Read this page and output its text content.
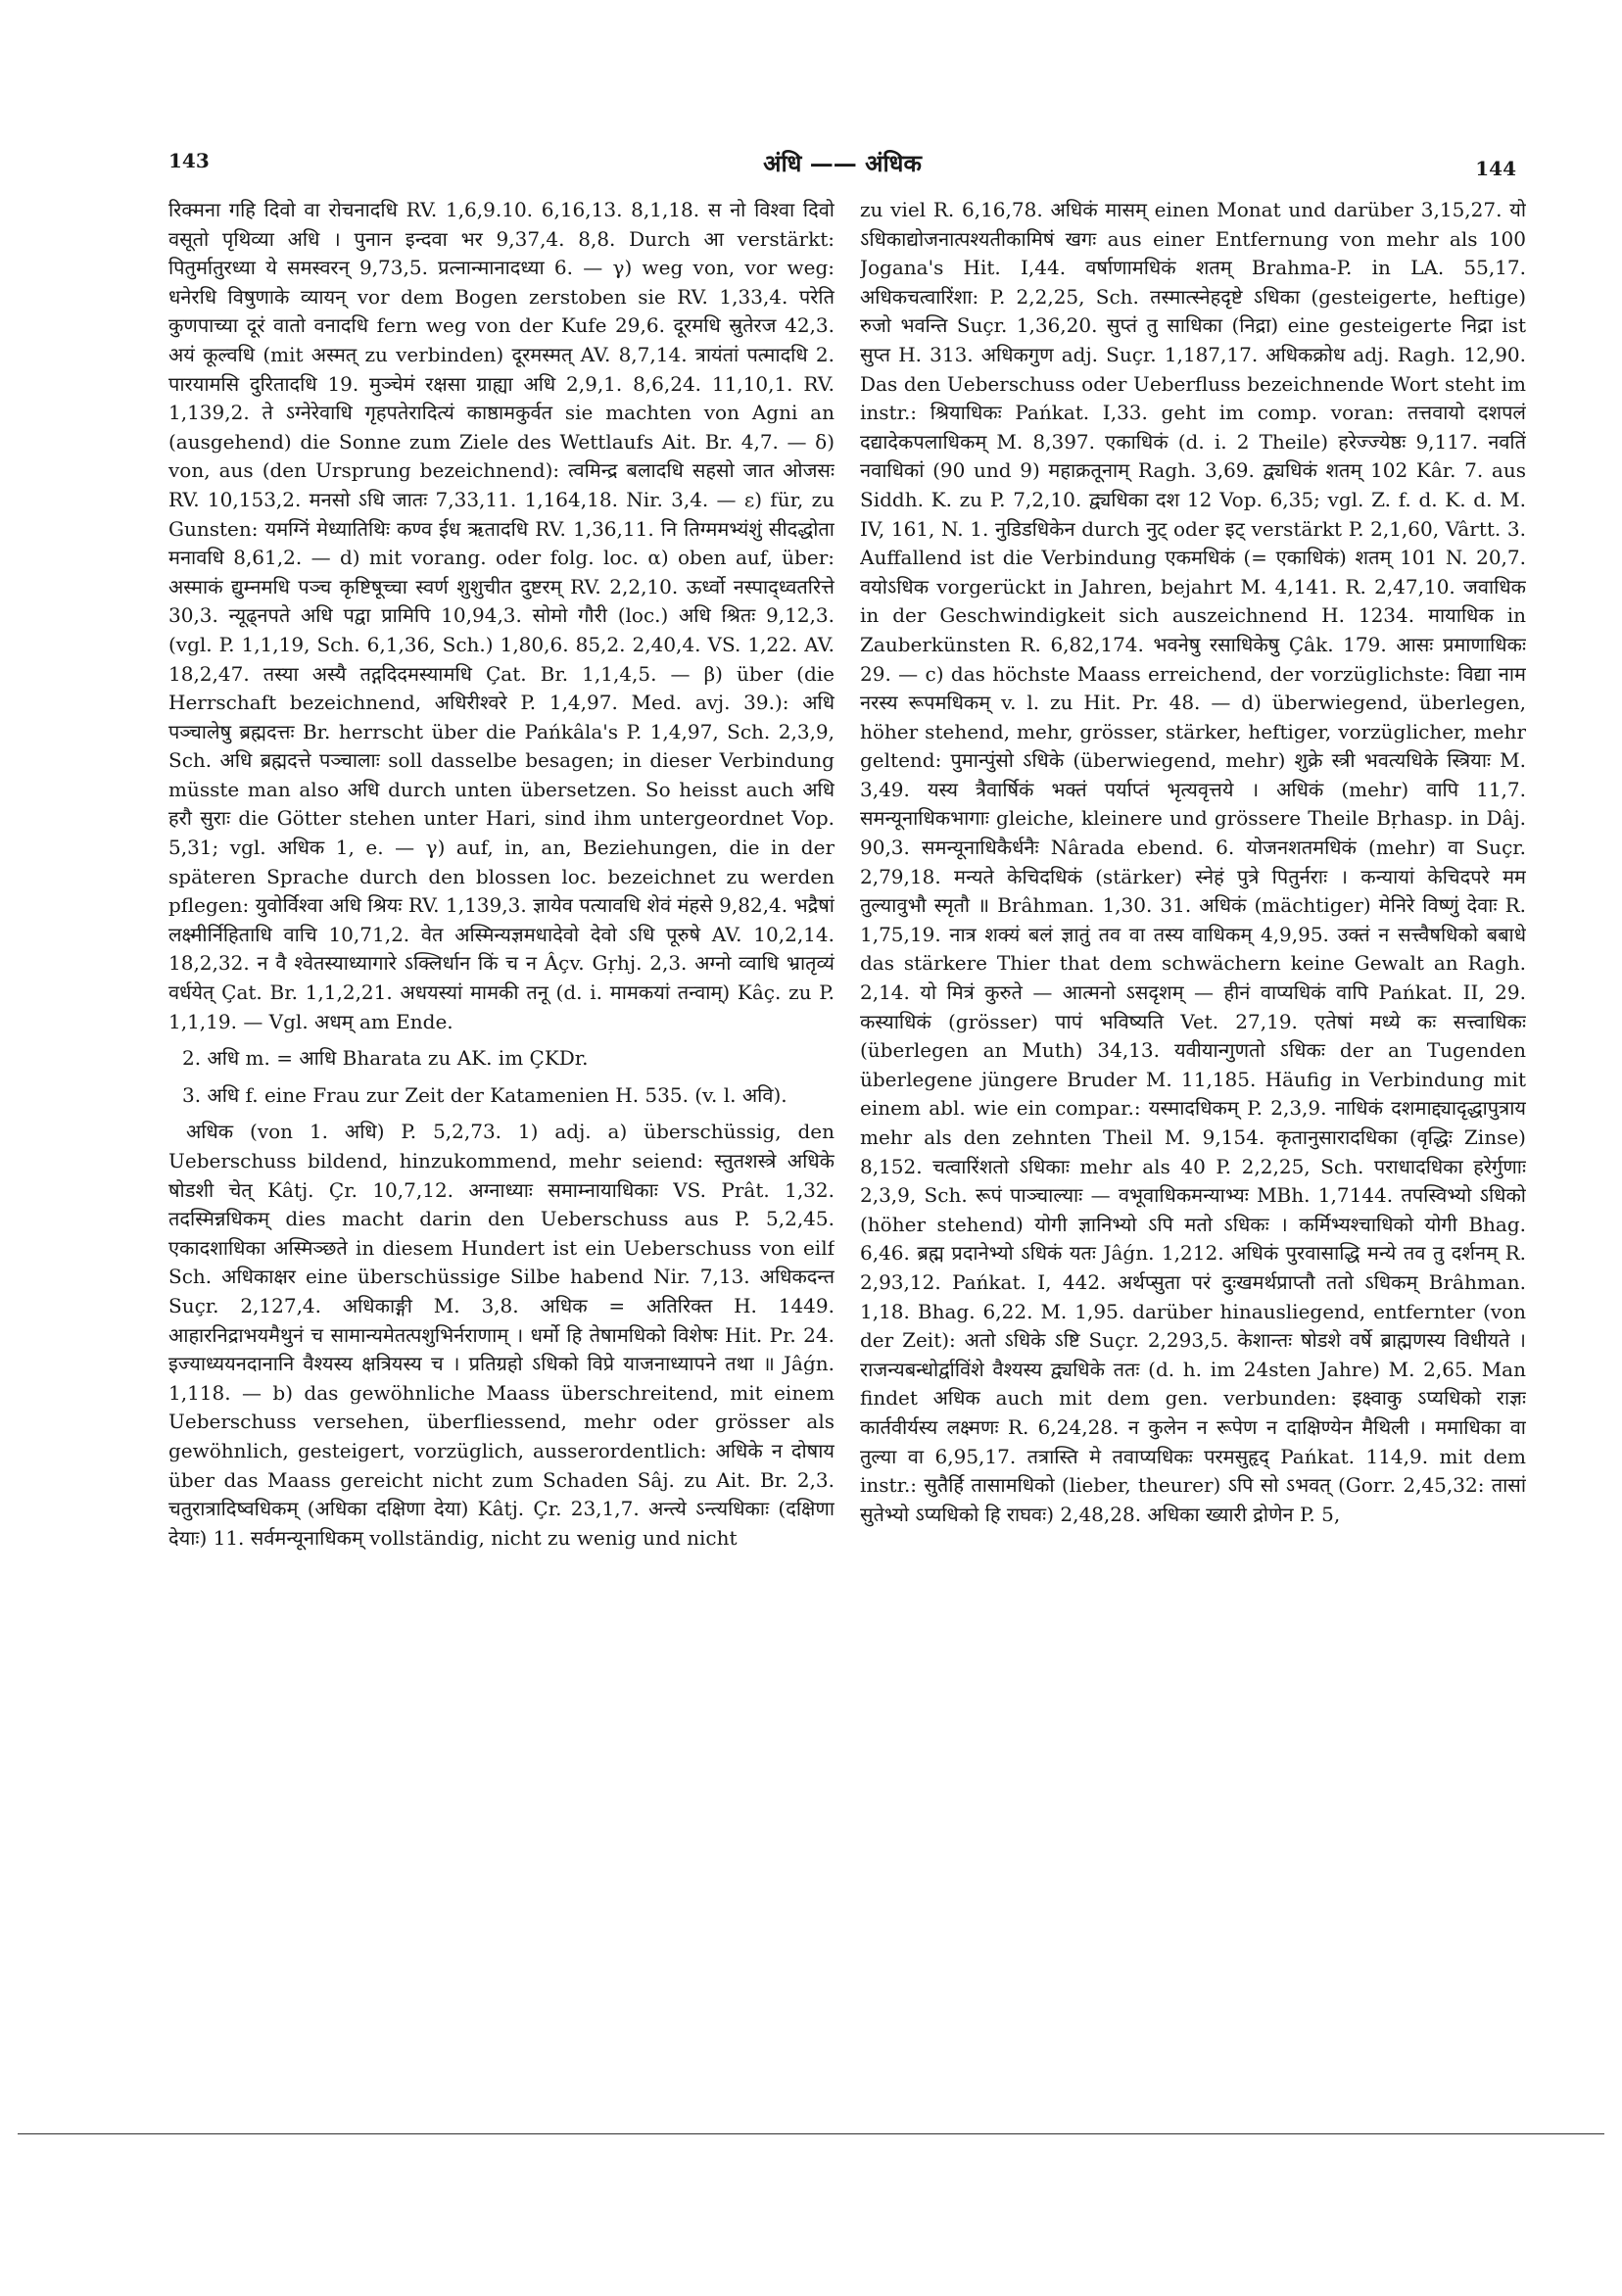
143	अंधि —— अंधिक	144

रिक्मना गहि दिवो वा रोचनादधि RV. 1,6,9.10. 6,16,13. 8,1,18. स नो विश्वा दिवो वसूतो पृथिव्या अधि । पुनान इन्दवा भर 9,37,4. 8,8. Durch आ verstärkt: पितुर्मातुरध्या ये समस्वरन् 9,73,5. प्रत्नान्मानादध्या 6. — γ) weg von, vor weg: धनेरधि विषुणाके व्यायन् vor dem Bogen zerstoben sie RV. 1,33,4. परेति कुणपाच्या दूरं वातो वनादधि fern weg von der Kufe 29,6. दूरमधि स्रुतेरज 42,3. अयं कूल्वधि (mit अस्मत् zu verbinden) दूरमस्मत् AV. 8,7,14. त्रायंतां पत्मादधि 2. पारयामसि दुरितादधि 19. मुञ्चेमं रक्षसा ग्राह्या अधि 2,9,1. 8,6,24. 11,10,1. RV. 1,139,2. ते ऽग्नेरेवाधि गृहपतेरादित्यं काष्ठामकुर्वत sie machten von Agni an (ausgehend) die Sonne zum Ziele des Wettlaufs Ait. Br. 4,7. — δ) von, aus (den Ursprung bezeichnend): त्वमिन्द्र बलादधि सहसो जात ओजसः RV. 10,153,2. मनसो ऽधि जातः 7,33,11. 1,164,18. Nir. 3,4. — ε) für, zu Gunsten: यमग्निं मेध्यातिथिः कण्व ईध ऋतादधि RV. 1,36,11. नि तिग्ममभ्यंशुं सीदद्धोता मनावधि 8,61,2. — d) mit vorang. oder folg. loc. α) oben auf, über: अस्माकं द्युम्नमधि पञ्च कृष्टिषूच्चा स्वर्ण शुशुचीत दुष्टरम् RV. 2,2,10. ऊर्ध्वो नस्पाद्ध्वतरित्ते 30,3. न्यूढ्नपते अधि पद्वा प्रामिपि 10,94,3. सोमो गौरी (loc.) अधि श्रितः 9,12,3. (vgl. P. 1,1,19, Sch. 6,1,36, Sch.) 1,80,6. 85,2. 2,40,4. VS. 1,22. AV. 18,2,47. तस्या अस्यै तद्गदिदमस्यामधि Çat. Br. 1,1,4,5. — β) über (die Herrschaft bezeichnend, अधिरीश्वरे P. 1,4,97. Med. avj. 39.): अधि पञ्चालेषु ब्रह्मदत्तः Br. herrscht über die Pańkâla's P. 1,4,97, Sch. 2,3,9, Sch. अधि ब्रह्मदत्ते पञ्चालाः soll dasselbe besagen; in dieser Verbindung müsste man also अधि durch unten übersetzen. So heisst auch अधि हरौ सुराः die Götter stehen unter Hari, sind ihm untergeordnet Vop. 5,31; vgl. अधिक 1, e. — γ) auf, in, an, Beziehungen, die in der späteren Sprache durch den blossen loc. bezeichnet zu werden pflegen: युवोर्विश्वा अधि श्रियः RV. 1,139,3. ज्ञायेव पत्यावधि शेवं मंहसे 9,82,4. भद्रैषां लक्ष्मीर्निहिताधि वाचि 10,71,2. वेत अस्मिन्यज्ञमधादेवो देवो ऽधि पूरुषे AV. 10,2,14. 18,2,32. न वै श्वेतस्याध्यागारे ऽक्लिर्धान किं च न Âçv. Gṛhj. 2,3. अग्नो व्वाधि भ्रातृव्यं वर्धयेत् Çat. Br. 1,1,2,21. अधयस्यां मामकी तनू (d. i. मामकयां तन्वाम्) Kâç. zu P. 1,1,19. — Vgl. अधम् am Ende.

2. अधि m. = आधि Bharata zu AK. im ÇKDr.

3. अधि f. eine Frau zur Zeit der Katamenien H. 535. (v. l. अवि).

अधिक (von 1. अधि) P. 5,2,73. 1) adj. a) überschüssig, den Ueberschuss bildend, hinzukommend, mehr seiend: स्तुतशस्त्रे अधिके षोडशी चेत् Kâtj. Çr. 10,7,12. अग्नाध्याः समाम्नायाधिकाः VS. Prât. 1,32. तदस्मिन्नधिकम् dies macht darin den Ueberschuss aus P. 5,2,45. एकादशाधिका अस्मिञ्छते in diesem Hundert ist ein Ueberschuss von eilf Sch. अधिकाक्षर eine überschüssige Silbe habend Nir. 7,13. अधिकदन्त Suçr. 2,127,4. अधिकाङ्गी M. 3,8. अधिक = अतिरिक्त H. 1449. आहारनिद्राभयमैथुनं च सामान्यमेतत्पशुभिर्नराणाम् । धर्मो हि तेषामधिको विशेषः Hit. Pr. 24. इज्याध्ययनदानानि वैश्यस्य क्षत्रियस्य च । प्रतिग्रहो ऽधिको विप्रे याजनाध्यापने तथा ॥ Jâǵn. 1,118. — b) das gewöhnliche Maass überschreitend, mit einem Ueberschuss versehen, überfliessend, mehr oder grösser als gewöhnlich, gesteigert, vorzüglich, ausserordentlich: अधिके न दोषाय über das Maass gereicht nicht zum Schaden Sâj. zu Ait. Br. 2,3. चतुरात्रादिष्वधिकम् (अधिका दक्षिणा देया) Kâtj. Çr. 23,1,7. अन्त्ये ऽन्त्यधिकाः (दक्षिणा देयाः) 11. सर्वमन्यूनाधिकम् vollständig, nicht zu wenig und nicht

zu viel R. 6,16,78. अधिकं मासम् einen Monat und darüber 3,15,27. यो ऽधिकाद्योजनात्पश्यतीकामिषं खगः aus einer Entfernung von mehr als 100 Jogana's Hit. I,44. वर्षाणामधिकं शतम् Brahma-P. in LA. 55,17. अधिकचत्वारिंशा: P. 2,2,25, Sch. तस्मात्स्नेहदृष्टे ऽधिका (gesteigerte, heftige) रुजो भवन्ति Suçr. 1,36,20. सुप्तं तु साधिका (निद्रा) eine gesteigerte निद्रा ist सुप्त H. 313. अधिकगुण adj. Suçr. 1,187,17. अधिकक्रोध adj. Ragh. 12,90. Das den Ueberschuss oder Ueberfluss bezeichnende Wort steht im instr.: श्रियाधिकः Pańkat. I,33. geht im comp. voran: तत्तवायो दशपलं दद्यादेकपलाधिकम् M. 8,397. एकाधिकं (d. i. 2 Theile) हरेज्ज्येष्ठः 9,117. नवतिं नवाधिकां (90 und 9) महाक्रतूनाम् Ragh. 3,69. द्व्यधिकं शतम् 102 Kâr. 7. aus Siddh. K. zu P. 7,2,10. द्व्यधिका दश 12 Vop. 6,35; vgl. Z. f. d. K. d. M. IV, 161, N. 1. नुडिडधिकेन durch नुट् oder इट् verstärkt P. 2,1,60, Vârtt. 3. Auffallend ist die Verbindung एकमधिकं (= एकाधिकं) शतम् 101 N. 20,7. वयोऽधिक vorgerückt in Jahren, bejahrt M. 4,141. R. 2,47,10. जवाधिक in der Geschwindigkeit sich auszeichnend H. 1234. मायाधिक in Zauberkünsten R. 6,82,174. भवनेषु रसाधिकेषु Çâk. 179. आसः प्रमाणाधिकः 29. — c) das höchste Maass erreichend, der vorzüglichste: विद्या नाम नरस्य रूपमधिकम् v. l. zu Hit. Pr. 48. — d) überwiegend, überlegen, höher stehend, mehr, grösser, stärker, heftiger, vorzüglicher, mehr geltend: पुमान्पुंसो ऽधिके (überwiegend, mehr) शुक्रे स्त्री भवत्यधिके स्त्रियाः M. 3,49. यस्य त्रैवार्षिकं भक्तं पर्याप्तं भृत्यवृत्तये । अधिकं (mehr) वापि 11,7. समन्यूनाधिकभागाः gleiche, kleinere und grössere Theile Bṛhasp. in Dâj. 90,3. समन्यूनाधिकैर्धनैः Nârada ebend. 6. योजनशतमधिकं (mehr) वा Suçr. 2,79,18. मन्यते केचिदधिकं (stärker) स्नेहं पुत्रे पितुर्नराः । कन्यायां केचिदपरे मम तुल्यावुभौ स्मृतौ ॥ Brâhman. 1,30. 31. अधिकं (mächtiger) मेनिरे विष्णुं देवाः R. 1,75,19. नात्र शक्यं बलं ज्ञातुं तव वा तस्य वाधिकम् 4,9,95. उक्तं न सत्त्वैषधिको बबाधे das stärkere Thier that dem schwächern keine Gewalt an Ragh. 2,14. यो मित्रं कुरुते — आत्मनो ऽसदृशम् — हीनं वाप्यधिकं वापि Pańkat. II, 29. कस्याधिकं (grösser) पापं भविष्यति Vet. 27,19. एतेषां मध्ये कः सत्त्वाधिकः (überlegen an Muth) 34,13. यवीयान्गुणतो ऽधिकः der an Tugenden überlegene jüngere Bruder M. 11,185. Häufig in Verbindung mit einem abl. wie ein compar.: यस्मादधिकम् P. 2,3,9. नाधिकं दशमाद्द्यादृद्धापुत्राय mehr als den zehnten Theil M. 9,154. कृतानुसारादधिका (वृद्धिः Zinse) 8,152. चत्वारिंशतो ऽधिकाः mehr als 40 P. 2,2,25, Sch. पराधादधिका हरेर्गुणाः 2,3,9, Sch. रूपं पाञ्चाल्याः — वभूवाधिकमन्याभ्यः MBh. 1,7144. तपस्विभ्यो ऽधिको (höher stehend) योगी ज्ञानिभ्यो ऽपि मतो ऽधिकः । कर्मिभ्यश्चाधिको योगी Bhag. 6,46. ब्रह्म प्रदानेभ्यो ऽधिकं यतः Jâǵn. 1,212. अधिकं पुरवासाद्धि मन्ये तव तु दर्शनम् R. 2,93,12. Pańkat. I, 442. अर्थप्सुता परं दुःखमर्थप्राप्तौ ततो ऽधिकम् Brâhman. 1,18. Bhag. 6,22. M. 1,95. darüber hinausliegend, entfernter (von der Zeit): अतो ऽधिके ऽष्टि Suçr. 2,293,5. केशान्तः षोडशे वर्षे ब्राह्मणस्य विधीयते । राजन्यबन्धोर्द्वाविंशे वैश्यस्य द्व्यधिके ततः (d. h. im 24sten Jahre) M. 2,65. Man findet अधिक auch mit dem gen. verbunden: इक्ष्वाकु ऽप्यधिको राज्ञः कार्तवीर्यस्य लक्ष्मणः R. 6,24,28. न कुलेन न रूपेण न दाक्षिण्येन मैथिली । ममाधिका वा तुल्या वा 6,95,17. तत्रास्ति मे तवाप्यधिकः परमसुहृद् Pańkat. 114,9. mit dem instr.: सुतैर्हि तासामधिको (lieber, theurer) ऽपि सो ऽभवत् (Gorr. 2,45,32: तासां सुतेभ्यो ऽप्यधिको हि राघवः) 2,48,28. अधिका ख्यारी द्रोणेन P. 5,
